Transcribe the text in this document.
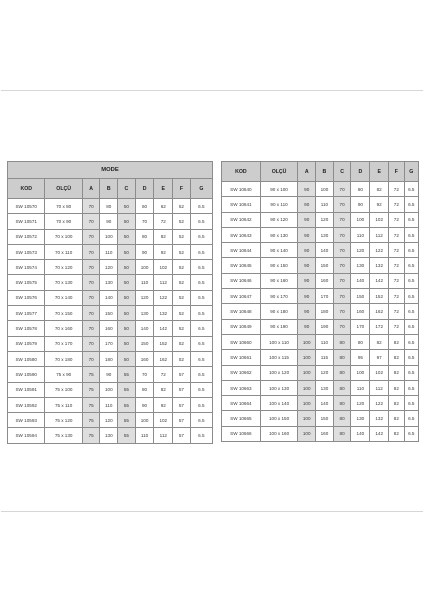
MODE								
KOD	OLÇÜ	A	B	C	D	E	F	G
SW 10570	70 x 80	70	80	50	60	62	52	6.5
SW 10571	70 x 90	70	90	50	70	72	52	6.5
SW 10572	70 x 100	70	100	50	80	82	52	6.5
SW 10573	70 x 110	70	110	50	90	92	52	6.5
SW 10574	70 x 120	70	120	50	100	102	52	6.5
SW 10575	70 x 130	70	130	50	110	112	52	6.5
SW 10576	70 x 140	70	140	50	120	122	52	6.5
SW 10577	70 x 150	70	150	50	130	132	52	6.5
SW 10578	70 x 160	70	160	50	140	142	52	6.5
SW 10579	70 x 170	70	170	50	150	152	52	6.5
SW 10580	70 x 180	70	180	50	160	162	52	6.5
SW 10590	75 x 90	75	90	55	70	72	57	6.5
SW 10591	75 x 100	75	100	55	80	82	57	6.5
SW 10592	75 x 110	75	110	55	90	92	57	6.5
SW 10593	75 x 120	75	120	55	100	102	57	6.5
SW 10594	75 x 130	75	130	55	110	112	57	6.5
KOD	OLÇÜ	A	B	C	D	E	F	G
SW 10640	90 x 100	90	100	70	80	82	72	6.5
SW 10641	90 x 110	90	110	70	90	92	72	6.5
SW 10642	90 x 120	90	120	70	100	102	72	6.5
SW 10643	90 x 130	90	130	70	110	112	72	6.5
SW 10644	90 x 140	90	140	70	120	122	72	6.5
SW 10645	90 x 150	90	150	70	130	132	72	6.5
SW 10646	90 x 160	90	160	70	140	142	72	6.5
SW 10647	90 x 170	90	170	70	150	152	72	6.5
SW 10648	90 x 180	90	180	70	160	162	72	6.5
SW 10649	90 x 190	90	190	70	170	172	72	6.5
SW 10660	100 x 110	100	110	80	80	82	82	6.5
SW 10661	100 x 115	100	115	80	95	97	82	6.5
SW 10662	100 x 120	100	120	80	100	102	82	6.5
SW 10663	100 x 130	100	130	80	110	112	82	6.5
SW 10664	100 x 140	100	140	80	120	122	82	6.5
SW 10665	100 x 150	100	150	80	130	132	82	6.5
SW 10666	100 x 160	100	160	80	140	142	82	6.5
